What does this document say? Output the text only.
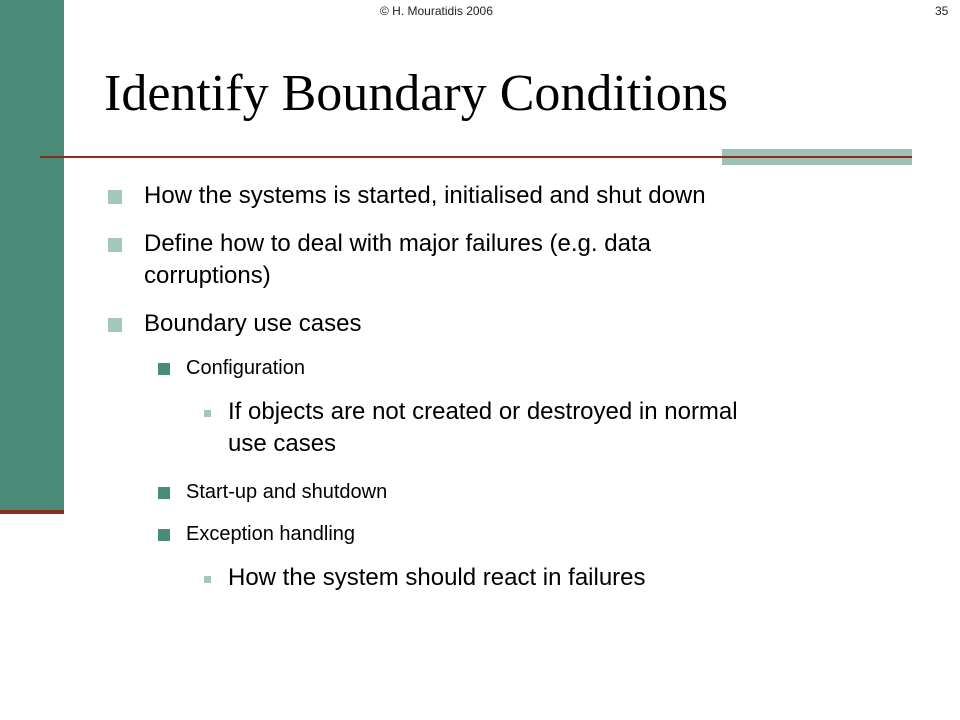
© H. Mouratidis 2006	35
Identify Boundary Conditions
How the systems is started, initialised and shut down
Define how to deal with major failures (e.g. data
corruptions)
Boundary use cases
Configuration
If objects are not created or destroyed in normal
use cases
Start-up and shutdown
Exception handling
How the system should react in failures
